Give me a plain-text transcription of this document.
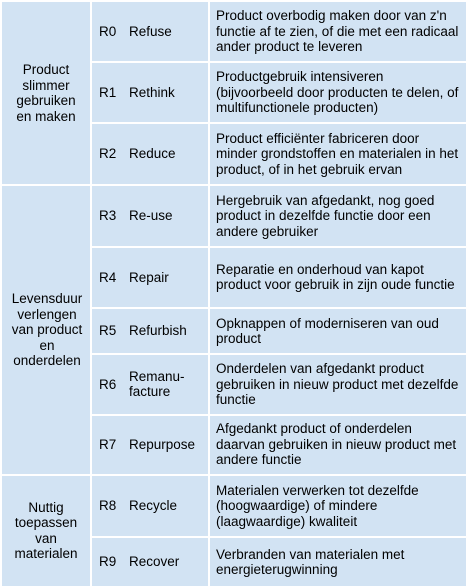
Product slimmer gebruiken en maken	R0 Refuse	Product overbodig maken door van z'n functie af te zien, of die met een radicaal ander product te leveren

	R1 Rethink	Productgebruik intensiveren (bijvoorbeeld door producten te delen, of multifunctionele producten)

	R2 Reduce	Product efficiënter fabriceren door minder grondstoffen en materialen in het product, of in het gebruik ervan
Levensduur verlengen van product en onderdelen	R3 Re-use	Hergebruik van afgedankt, nog goed product in dezelfde functie door een andere gebruiker

	R4 Repair	Reparatie en onderhoud van kapot product voor gebruik in zijn oude functie

	R5 Refurbish	Opknappen of moderniseren van oud product

	R6 Remanu-facture	Onderdelen van afgedankt product gebruiken in nieuw product met dezelfde functie

	R7 Repurpose	Afgedankt product of onderdelen daarvan gebruiken in nieuw product met andere functie
Nuttig toepassen van materialen	R8 Recycle	Materialen verwerken tot dezelfde (hoogwaardige) of mindere (laagwaardige) kwaliteit

	R9 Recover	Verbranden van materialen met energieterugwinning
